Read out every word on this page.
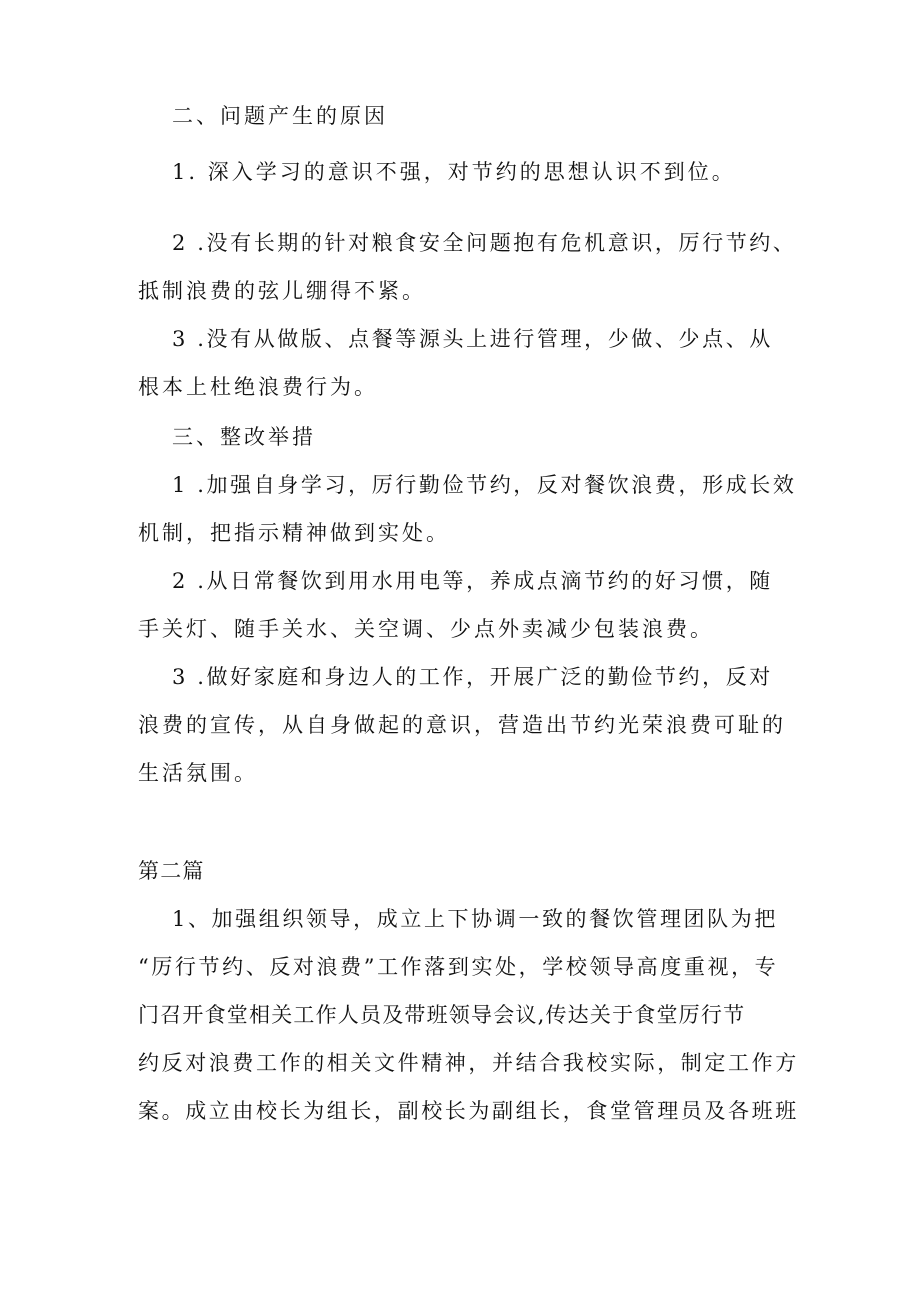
二、问题产生的原因
1. 深入学习的意识不强，对节约的思想认识不到位。
2 .没有长期的针对粮食安全问题抱有危机意识，厉行节约、
抵制浪费的弦儿绷得不紧。
3 .没有从做版、点餐等源头上进行管理，少做、少点、从
根本上杜绝浪费行为。
三、整改举措
1 .加强自身学习，厉行勤俭节约，反对餐饮浪费，形成长效
机制，把指示精神做到实处。
2 .从日常餐饮到用水用电等，养成点滴节约的好习惯，随
手关灯、随手关水、关空调、少点外卖减少包装浪费。
3 .做好家庭和身边人的工作，开展广泛的勤俭节约，反对
浪费的宣传，从自身做起的意识，营造出节约光荣浪费可耻的
生活氛围。
第二篇
1、加强组织领导，成立上下协调一致的餐饮管理团队为把
“厉行节约、反对浪费”工作落到实处，学校领导高度重视，专
门召开食堂相关工作人员及带班领导会议,传达关于食堂厉行节
约反对浪费工作的相关文件精神，并结合我校实际，制定工作方
案。成立由校长为组长，副校长为副组长，食堂管理员及各班班
